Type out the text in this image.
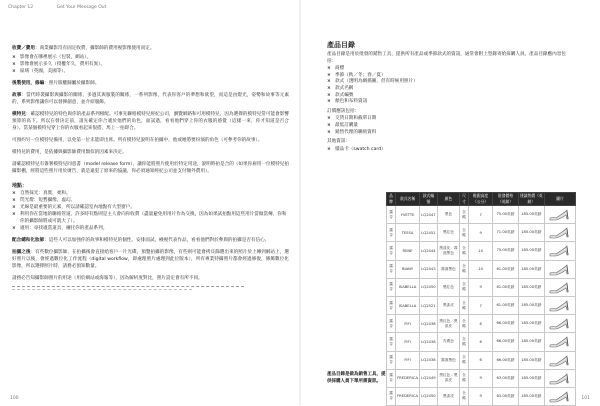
Chapter 12	Get Your Message Out

收費／費用：商業攝影沒有固定收費，攝影師的費用視影像使用而定。

× 影像會在哪裡展示（包裝，網站）。
× 影像會展示多久（授權年久，費用有異）。
× 區域（英國，美國等）。

後製使用，修編：照片版權歸屬於攝影師。

故事：當代時裝攝影與攝影的關係，多過其與服裝的關係，一系列影像，代表你客戶的夢想和欲望，而這是由燈光，姿勢和故事等元素的，系列影像讓你可以發揮創意，並介紹服飾。

模特兒：確認模特兒的特色與你的產品系列相配。可事先聯絡模特兒經紀公司，瀏覽網路和可用模特兒，因為選擇的模特兒常可能會影響預算的高下。所以在發決定前，請先確定你合適於他們的角色，面試過，看看他們穿上你的衣服的感覺（這樣一來，你才知道是否合身）。當某個模特兒穿上你的衣服看起來很搭，馬上一拍即合。

可預約另一位模特兒備用，以免第一位未能即出席。所有模特兒說明在拍攝中，他或她將要扮演的角色（可參考你的故事）。

模特兒的費用，是依據與攝影師費用類似的因素來決定。

請確認模特兒有簽署模特兒同意書（model release form），讓你能將照片使用於特定用途，說明時拍是合的（如果你雇用一位模特兒拍攝影棚，經將這些照片用於廣告，就是違犯了原來的協議，你必須通知經紀公司並支付額外費用）。

地點：

× 自然採光：真實，柔和。
× 閃光燈：短暫攝像，虛幻。
× 光線是最重要的元素，所以請確認室內地點有大型窗戶。
× 利用你在當地的聯絡管道，許多時有點則是主人會向你收費（盡量避免用用片作為交換，因為如果試拍點用這些用片當做當傳，你和你的攝影師將成可就大了）。
× 適用：尋找適當道具，襯托你的產品系列。

配合總和化妝師：這些人可以加強你的故事和模特兒的個性。安排面試，檢視代表作品，看看他們對於參與的拍攝是否有信心。

拍攝之後：有些數位攝影師，在拍攝後會直接給客戶一片光碟，預覽拍攝的影像，有些則可能會拷貝篩選出來的照片於上傳到網站上，選好照片以後，會經過數位化工作流程（digital workflow，即處理照片處理到此位版本），所有專業特攝照片都會經過修復，修飾數位化影像，所以選擇照片時，請務必預知數量。

請務必告知攝影師照片的用途（用於網站或海報等），因為解析度對比，照片設定會有所不同。

100	101
產品目錄

產品目錄是用於批發的銷售工具，提供所有產品或季節款式的資訊，通常會附上型錄寄給採購人員。產品目錄應內容包括：

× 商標
× 季節（秋／冬；春／夏）
× 款式（透明為網描圖，但有時候用照片）
× 款式名稱
× 款式編號
× 顏色和布料資訊

訂價應該包括：

× 交貨日期和截單日期
× 最低訂購量
× 銷售代理的聯絡資料

其他資訊：

× 樣品卡（swatch card）
品牌	款式名稱	款式編號	顏色	尺寸	鞋跟高度（公分）	批發價格（英鎊）	建議售價（英鎊）	圖片
露芬	YVETTE	LQ2447	黑色	全碼	7	75.00英鎊	185.00英鎊	

露芬	TESSA	LQ2451	黑紅色	全碼	9	71.00英鎊	185.00英鎊	

露芬	RENE	LQ2444	黑漆皮／霧面黑色	全碼	10	75.00英鎊	185.00英鎊	

露芬	BIANY	LQ2443	霧面黑色	全碼	10	61.00英鎊	185.00英鎊	

露芬	ISABELLA	LQ2450	黑紅色	全碼	9	61.00英鎊	185.00英鎊	

露芬	ISABELLA	LQ2521	黑漆皮	全碼	7	61.00英鎊	185.00英鎊	

露芬	FIFI	LQ2438	黑紅色／黑漆皮	全碼	6	66.00英鎊	185.00英鎊	

露芬	FIFI	LQ2438	杏膚色	全碼	6	66.00英鎊	185.00英鎊	

露芬	FIFI	LQ2438	霧面黑色	全碼	6	66.00英鎊	185.00英鎊	

露芬	FREDERICA	LQ2449	黑紅色／黑漆皮	全碼	9	63.00英鎊	185.00英鎊	

露芬	FREDERICA	LQ2450	黑漆皮	全碼	9	63.00英鎊	185.00英鎊	
產品目錄是做為銷售工具，提供採購人員下單所需資訊。
